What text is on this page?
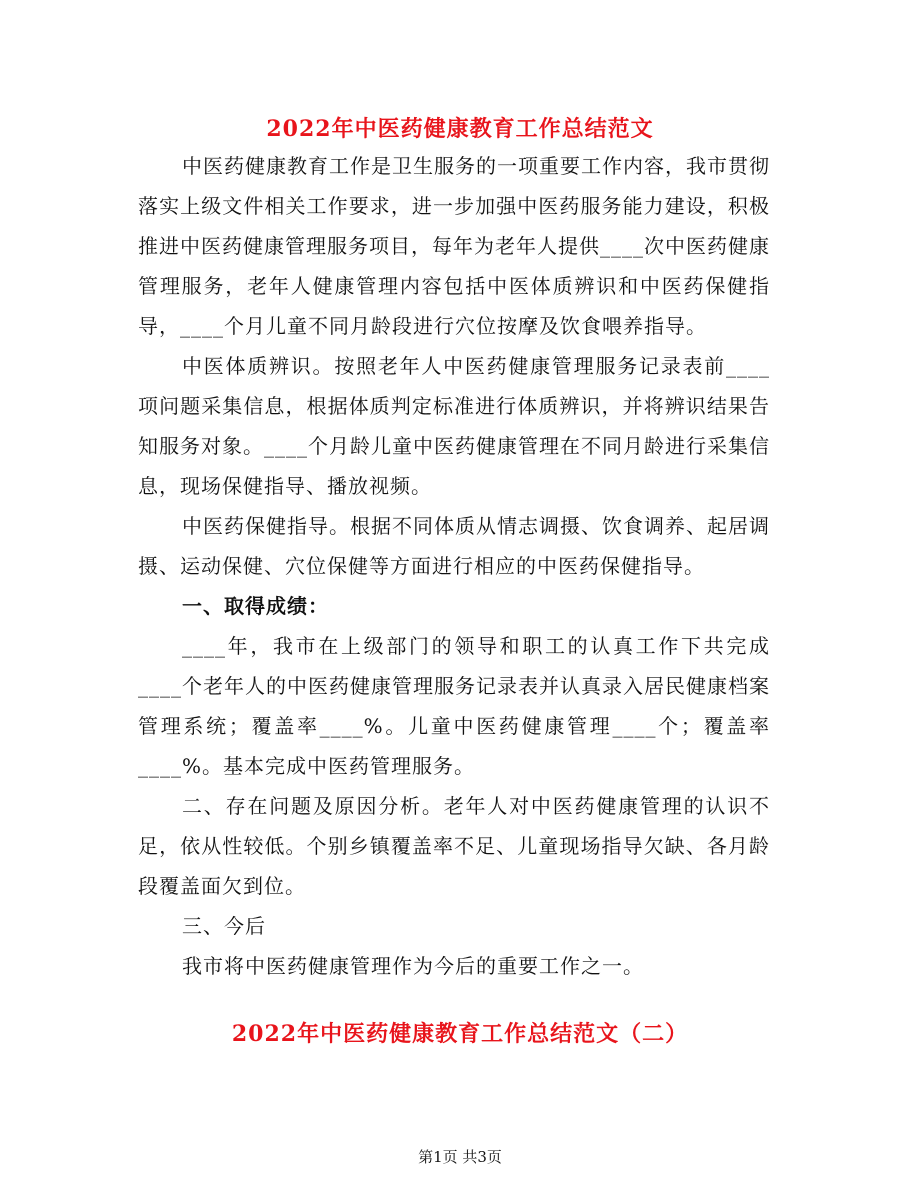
2022年中医药健康教育工作总结范文

中医药健康教育工作是卫生服务的一项重要工作内容，我市贯彻落实上级文件相关工作要求，进一步加强中医药服务能力建设，积极推进中医药健康管理服务项目，每年为老年人提供____次中医药健康管理服务，老年人健康管理内容包括中医体质辨识和中医药保健指导，____个月儿童不同月龄段进行穴位按摩及饮食喂养指导。

中医体质辨识。按照老年人中医药健康管理服务记录表前____项问题采集信息，根据体质判定标准进行体质辨识，并将辨识结果告知服务对象。____个月龄儿童中医药健康管理在不同月龄进行采集信息，现场保健指导、播放视频。

中医药保健指导。根据不同体质从情志调摄、饮食调养、起居调摄、运动保健、穴位保健等方面进行相应的中医药保健指导。

一、取得成绩：

____年，我市在上级部门的领导和职工的认真工作下共完成____个老年人的中医药健康管理服务记录表并认真录入居民健康档案管理系统；覆盖率____%。儿童中医药健康管理____个；覆盖率____%。基本完成中医药管理服务。

二、存在问题及原因分析。老年人对中医药健康管理的认识不足，依从性较低。个别乡镇覆盖率不足、儿童现场指导欠缺、各月龄段覆盖面欠到位。

三、今后

我市将中医药健康管理作为今后的重要工作之一。

2022年中医药健康教育工作总结范文（二）
第1页 共3页
